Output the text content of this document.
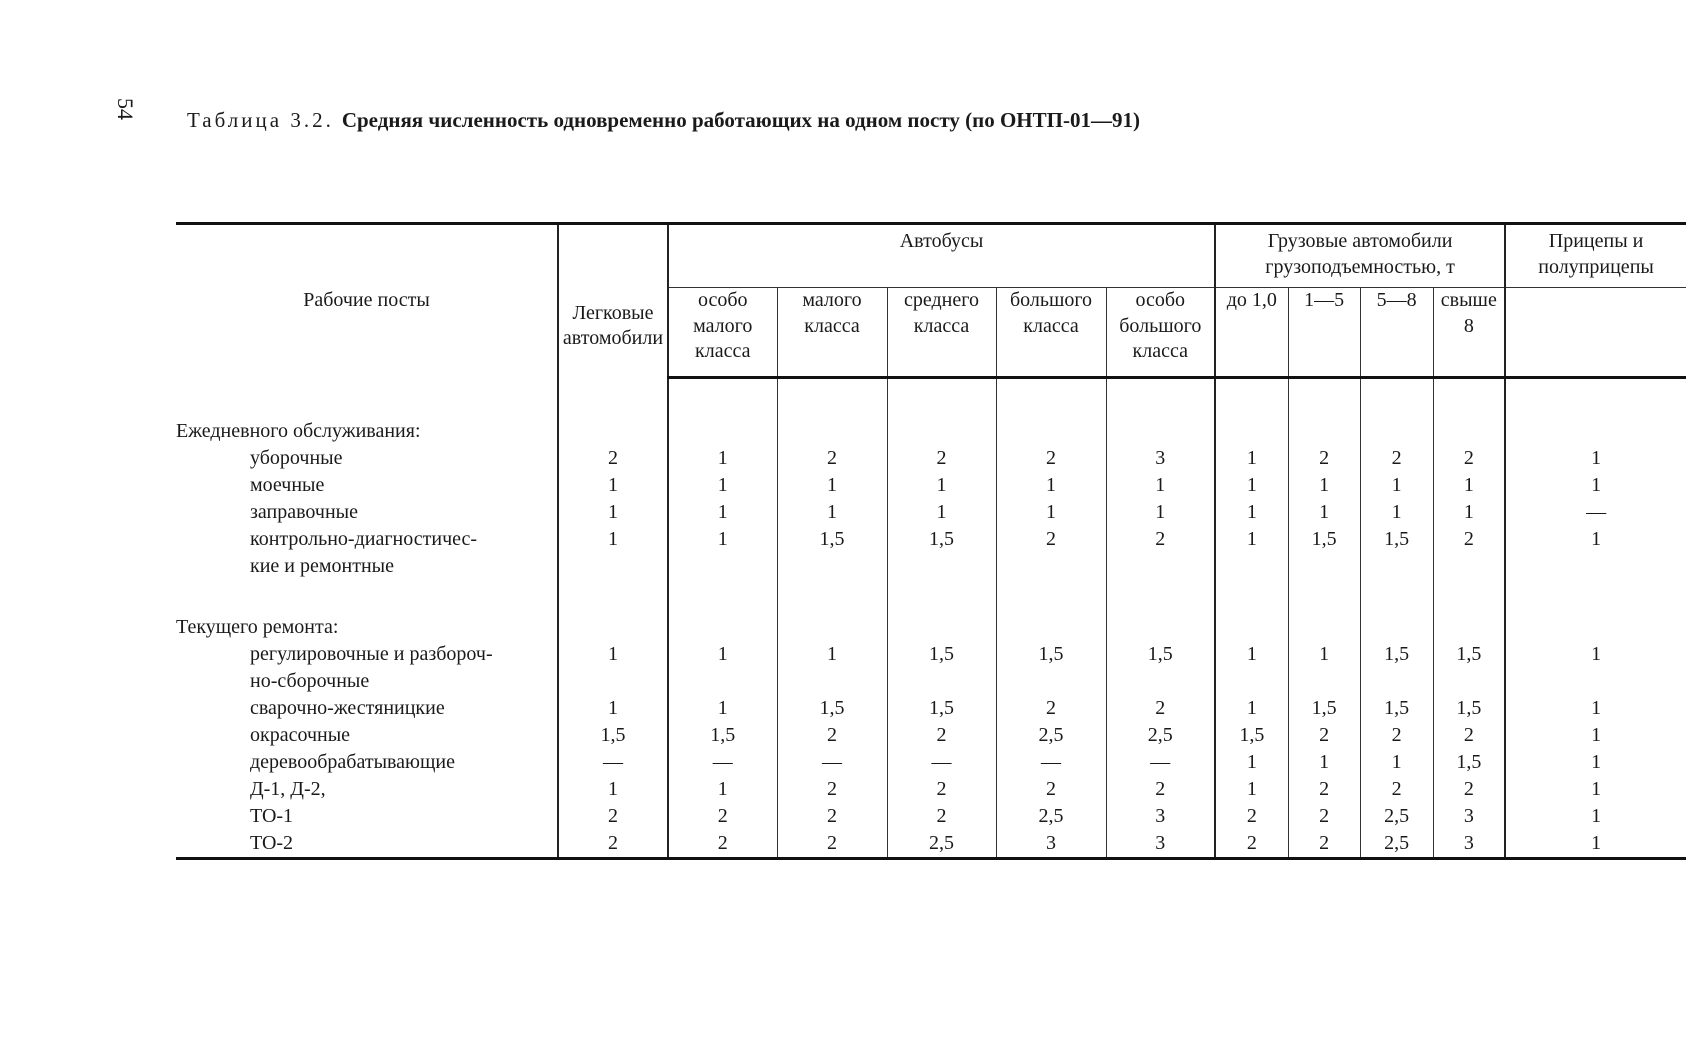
54 Таблица 3.2. Средняя численность одновременно работающих на одном посту (по ОНТП-01—91)
Рабочие посты	Легковые автомобили	Автобусы					Грузовые автомобили грузоподъемностью, т				Прицепы и полуприцепы
		особо малого класса	малого класса	среднего класса	большого класса	особо большого класса	до 1,0	1—5	5—8	свыше 8	

Ежедневного обслуживания:											
уборочные	2	1	2	2	2	3	1	2	2	2	1
моечные	1	1	1	1	1	1	1	1	1	1	1
заправочные	1	1	1	1	1	1	1	1	1	1	—
контрольно-диагностичес-	1	1	1,5	1,5	2	2	1	1,5	1,5	2	1
кие и ремонтные											

Текущего ремонта:											
регулировочные и разбороч-	1	1	1	1,5	1,5	1,5	1	1	1,5	1,5	1
но-сборочные											
сварочно-жестяницкие	1	1	1,5	1,5	2	2	1	1,5	1,5	1,5	1
окрасочные	1,5	1,5	2	2	2,5	2,5	1,5	2	2	2	1
деревообрабатывающие	—	—	—	—	—	—	1	1	1	1,5	1
Д-1, Д-2,	1	1	2	2	2	2	1	2	2	2	1
ТО-1	2	2	2	2	2,5	3	2	2	2,5	3	1
ТО-2	2	2	2	2,5	3	3	2	2	2,5	3	1
